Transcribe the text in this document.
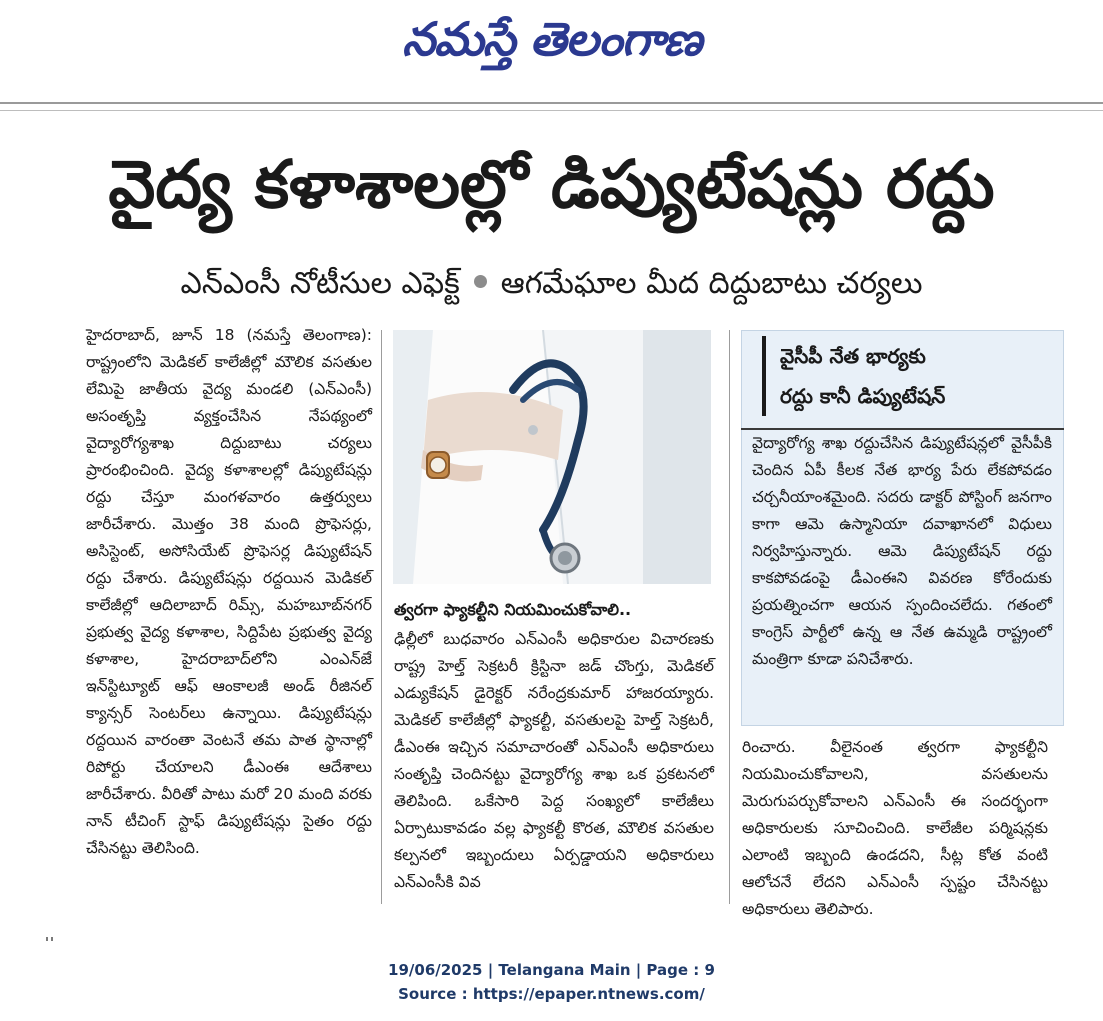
నమస్తే తెలంగాణ
వైద్య కళాశాలల్లో డిప్యుటేషన్లు రద్దు
ఎన్‌ఎంసీ నోటీసుల ఎఫెక్ట్ ఆగమేఘాల మీద దిద్దుబాటు చర్యలు

హైదరాబాద్, జూన్ 18 (నమస్తే తెలంగాణ): రాష్ట్రంలోని మెడికల్ కాలేజీల్లో మౌలిక వసతుల లేమిపై జాతీయ వైద్య మండలి (ఎన్‌ఎంసీ) అసంతృప్తి వ్యక్తంచేసిన నేపథ్యంలో వైద్యారోగ్యశాఖ దిద్దుబాటు చర్యలు ప్రారంభించింది. వైద్య కళాశాలల్లో డిప్యుటేషన్లు రద్దు చేస్తూ మంగళవారం ఉత్తర్వులు జారీచేశారు. మొత్తం 38 మంది ప్రొఫెసర్లు, అసిస్టెంట్, అసోసియేట్ ప్రొఫెసర్ల డిప్యుటేషన్ రద్దు చేశారు. డిప్యుటేషన్లు రద్దయిన మెడికల్ కాలేజీల్లో ఆదిలాబాద్ రిమ్స్, మహబూబ్‌నగర్ ప్రభుత్వ వైద్య కళాశాల, సిద్దిపేట ప్రభుత్వ వైద్య కళాశాల, హైదరాబాద్‌లోని ఎంఎన్‌జే ఇన్‌స్టిట్యూట్ ఆఫ్ ఆంకాలజీ అండ్ రీజినల్ క్యాన్సర్ సెంటర్‌లు ఉన్నాయి. డిప్యుటేషన్లు రద్దయిన వారంతా వెంటనే తమ పాత స్థానాల్లో రిపోర్టు చేయాలని డీఎంఈ ఆదేశాలు జారీచేశారు. వీరితో పాటు మరో 20 మంది వరకు నాన్ టీచింగ్ స్టాఫ్ డిప్యుటేషన్లు సైతం రద్దు చేసినట్టు తెలిసింది.

త్వరగా ఫ్యాకల్టీని నియమించుకోవాలి..

ఢిల్లీలో బుధవారం ఎన్‌ఎంసీ అధికారుల విచారణకు రాష్ట్ర హెల్త్ సెక్రటరీ క్రిస్టినా జడ్ చొంగ్తు, మెడికల్ ఎడ్యుకేషన్ డైరెక్టర్ నరేంద్రకుమార్ హాజరయ్యారు. మెడికల్ కాలేజీల్లో ఫ్యాకల్టీ, వసతులపై హెల్త్ సెక్రటరీ, డీఎంఈ ఇచ్చిన సమాచారంతో ఎన్‌ఎంసీ అధికారులు సంతృప్తి చెందినట్టు వైద్యారోగ్య శాఖ ఒక ప్రకటనలో తెలిపింది. ఒకేసారి పెద్ద సంఖ్యలో కాలేజీలు ఏర్పాటుకావడం వల్ల ఫ్యాకల్టీ కొరత, మౌలిక వసతుల కల్పనలో ఇబ్బందులు ఏర్పడ్డాయని అధికారులు ఎన్‌ఎంసీకి వివ

వైసీపీ నేత భార్యకు
రద్దు కానీ డిప్యుటేషన్

వైద్యారోగ్య శాఖ రద్దుచేసిన డిప్యుటేషన్లలో వైసీపీకి చెందిన ఏపీ కీలక నేత భార్య పేరు లేకపోవడం చర్చనీయాంశమైంది. సదరు డాక్టర్ పోస్టింగ్ జనగాం కాగా ఆమె ఉస్మానియా దవాఖానలో విధులు నిర్వహిస్తున్నారు. ఆమె డిప్యుటేషన్ రద్దు కాకపోవడంపై డీఎంఈని వివరణ కోరేందుకు ప్రయత్నించగా ఆయన స్పందించలేదు. గతంలో కాంగ్రెస్ పార్టీలో ఉన్న ఆ నేత ఉమ్మడి రాష్ట్రంలో మంత్రిగా కూడా పనిచేశారు.

రించారు. వీలైనంత త్వరగా ఫ్యాకల్టీని నియమించుకోవాలని, వసతులను మెరుగుపర్చుకోవాలని ఎన్‌ఎంసీ ఈ సందర్భంగా అధికారులకు సూచించింది. కాలేజీల పర్మిషన్లకు ఎలాంటి ఇబ్బంది ఉండదని, సీట్ల కోత వంటి ఆలోచనే లేదని ఎన్‌ఎంసీ స్పష్టం చేసినట్టు అధికారులు తెలిపారు.

19/06/2025 | Telangana Main | Page : 9
Source : https://epaper.ntnews.com/
